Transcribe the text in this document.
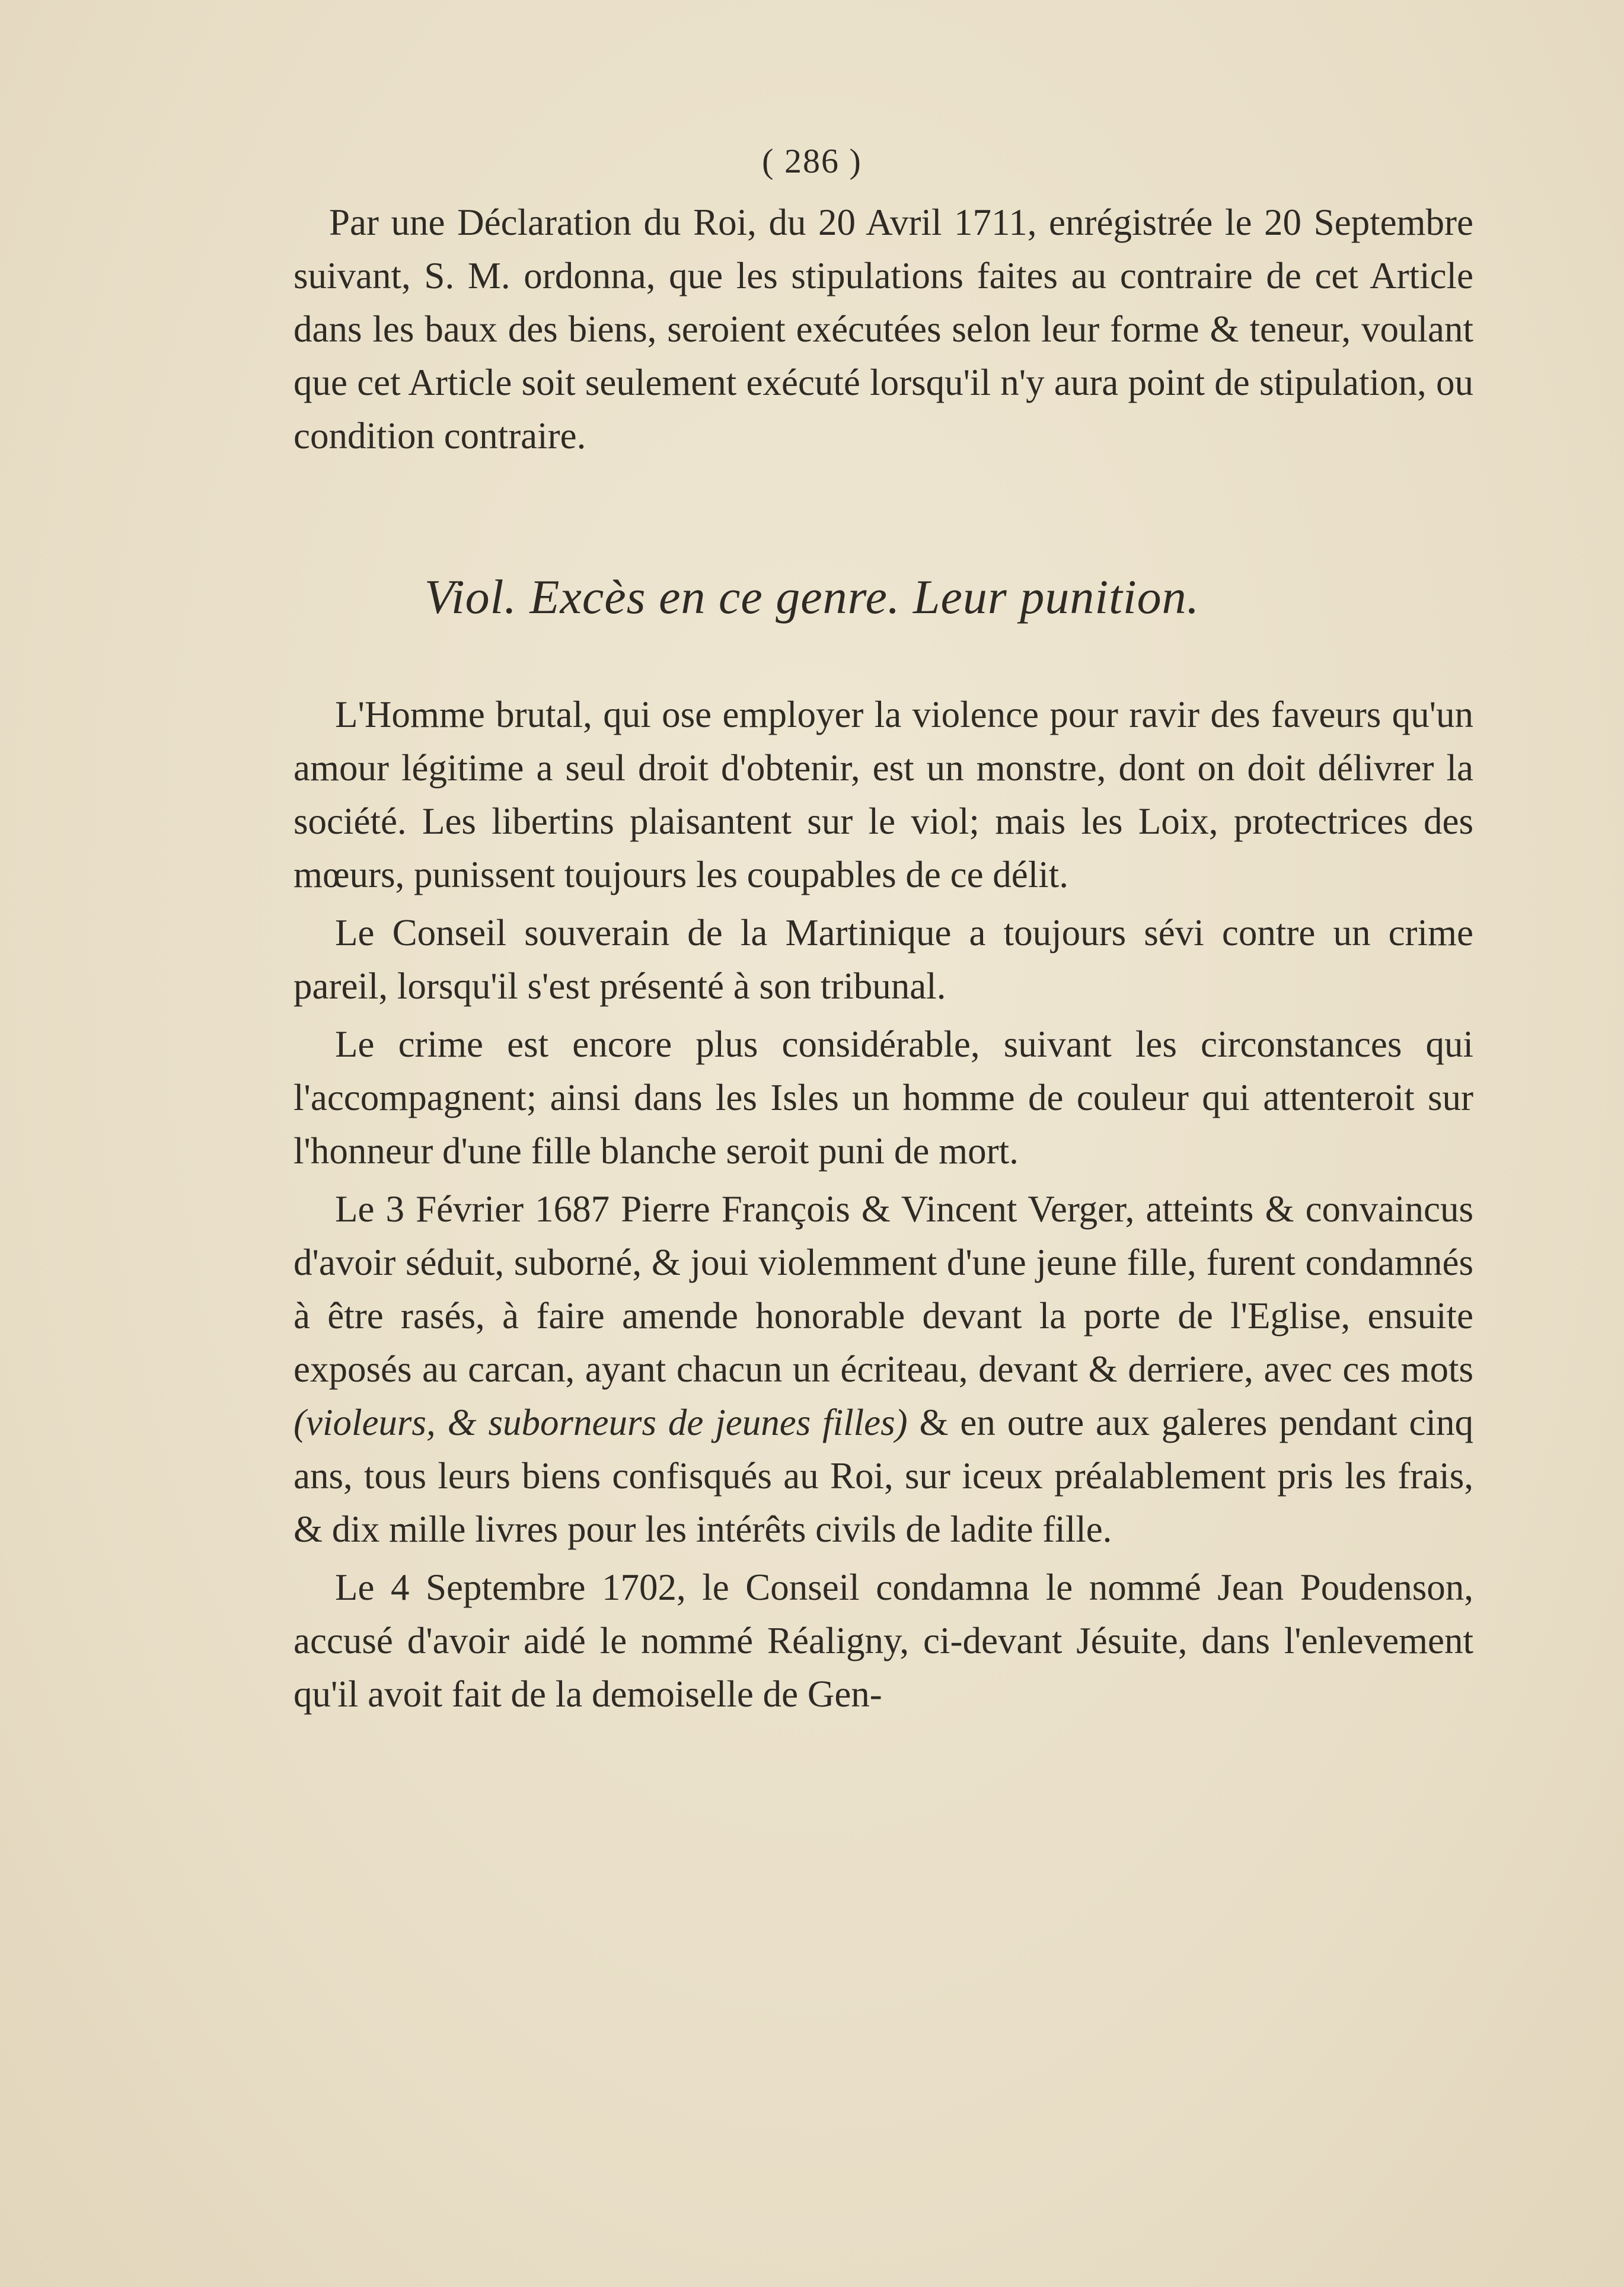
( 286 )

Par une Déclaration du Roi, du 20 Avril 1711, enrégistrée le 20 Septembre suivant, S. M. ordonna, que les stipulations faites au contraire de cet Article dans les baux des biens, seroient exécutées selon leur forme & teneur, voulant que cet Article soit seulement exécuté lorsqu'il n'y aura point de stipulation, ou condition contraire.

Viol. Excès en ce genre. Leur punition.

L'Homme brutal, qui ose employer la violence pour ravir des faveurs qu'un amour légitime a seul droit d'obtenir, est un monstre, dont on doit délivrer la société. Les libertins plaisantent sur le viol; mais les Loix, protectrices des mœurs, punissent toujours les coupables de ce délit.

Le Conseil souverain de la Martinique a toujours sévi contre un crime pareil, lorsqu'il s'est présenté à son tribunal.

Le crime est encore plus considérable, suivant les circonstances qui l'accompagnent; ainsi dans les Isles un homme de couleur qui attenteroit sur l'honneur d'une fille blanche seroit puni de mort.

Le 3 Février 1687 Pierre François & Vincent Verger, atteints & convaincus d'avoir séduit, suborné, & joui violemment d'une jeune fille, furent condamnés à être rasés, à faire amende honorable devant la porte de l'Eglise, ensuite exposés au carcan, ayant chacun un écriteau, devant & derriere, avec ces mots (violeurs, & suborneurs de jeunes filles) & en outre aux galeres pendant cinq ans, tous leurs biens confisqués au Roi, sur iceux préalablement pris les frais, & dix mille livres pour les intérêts civils de ladite fille.

Le 4 Septembre 1702, le Conseil condamna le nommé Jean Poudenson, accusé d'avoir aidé le nommé Réaligny, ci-devant Jésuite, dans l'enlevement qu'il avoit fait de la demoiselle de Gen-
